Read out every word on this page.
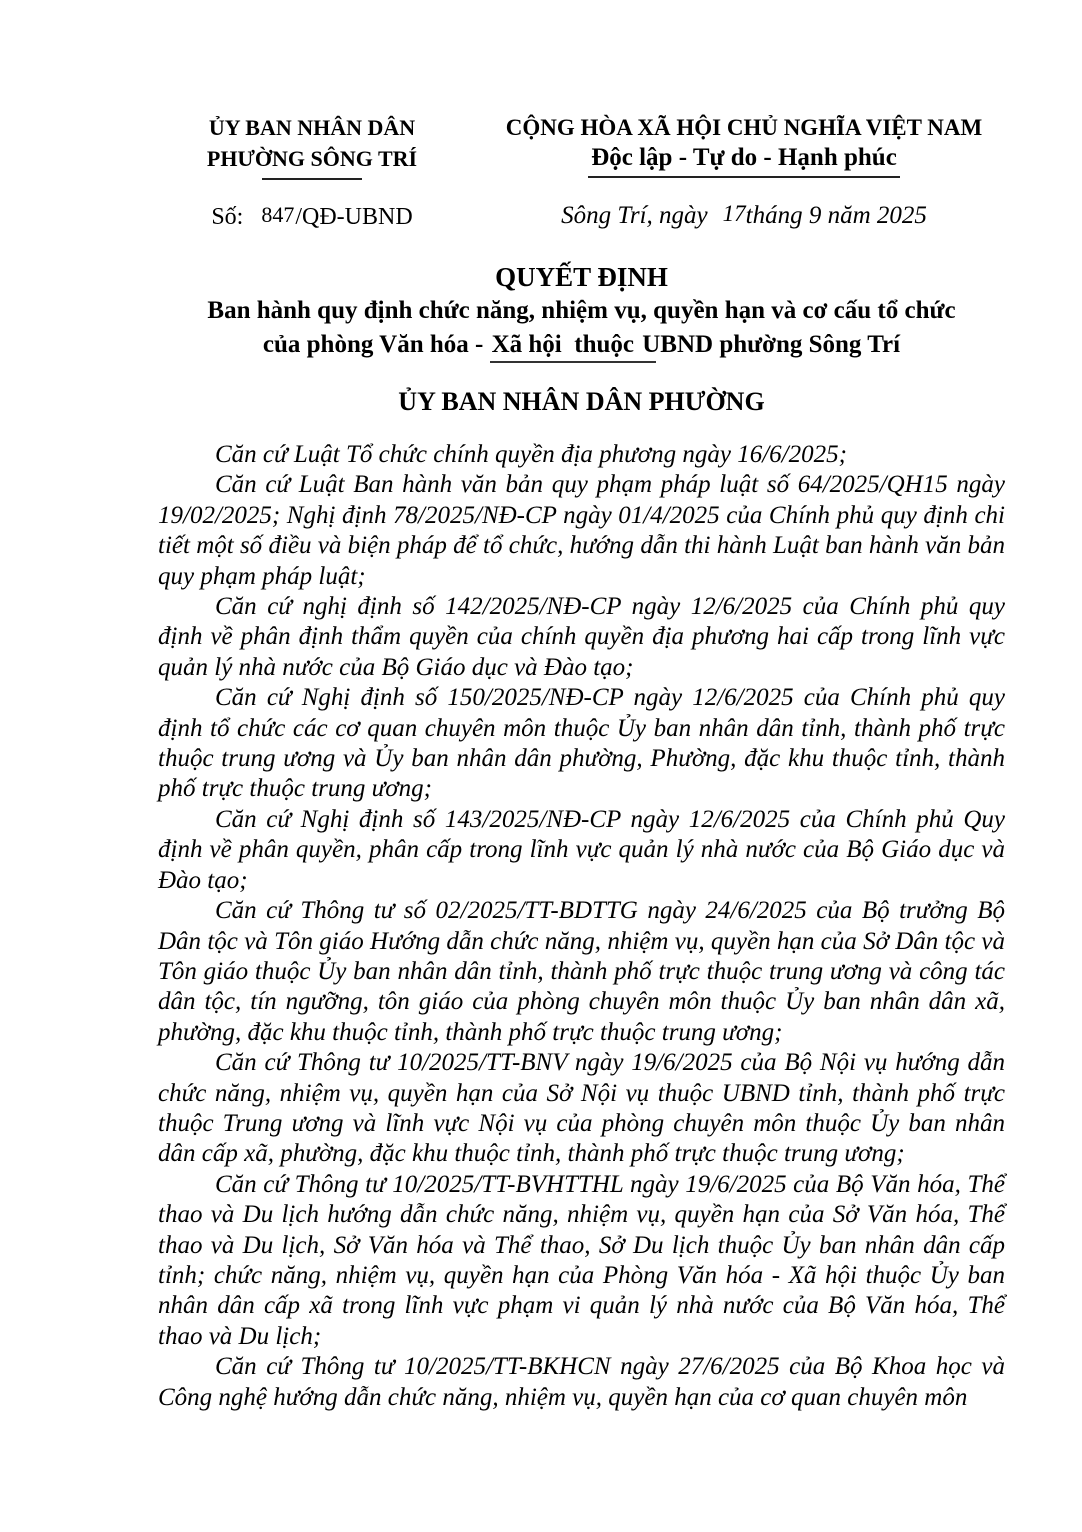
ỦY BAN NHÂN DÂN
PHƯỜNG SÔNG TRÍ
Số: 847/QĐ-UBND
CỘNG HÒA XÃ HỘI CHỦ NGHĨA VIỆT NAM
Độc lập - Tự do - Hạnh phúc
Sông Trí, ngày 17tháng 9 năm 2025
QUYẾT ĐỊNH
Ban hành quy định chức năng, nhiệm vụ, quyền hạn và cơ cấu tổ chức
của phòng Văn hóa - Xã hội  thuộc UBND phường Sông Trí
ỦY BAN NHÂN DÂN PHƯỜNG

Căn cứ Luật Tổ chức chính quyền địa phương ngày 16/6/2025;

Căn cứ Luật Ban hành văn bản quy phạm pháp luật số 64/2025/QH15 ngày 19/02/2025; Nghị định 78/2025/NĐ-CP ngày 01/4/2025 của Chính phủ quy định chi tiết một số điều và biện pháp để tổ chức, hướng dẫn thi hành Luật ban hành văn bản quy phạm pháp luật;

Căn cứ nghị định số 142/2025/NĐ-CP ngày 12/6/2025 của Chính phủ quy định về phân định thẩm quyền của chính quyền địa phương hai cấp trong lĩnh vực quản lý nhà nước của Bộ Giáo dục và Đào tạo;

Căn cứ Nghị định số 150/2025/NĐ-CP ngày 12/6/2025 của Chính phủ quy định tổ chức các cơ quan chuyên môn thuộc Ủy ban nhân dân tỉnh, thành phố trực thuộc trung ương và Ủy ban nhân dân phường, Phường, đặc khu thuộc tỉnh, thành phố trực thuộc trung ương;

Căn cứ Nghị định số 143/2025/NĐ-CP ngày 12/6/2025 của Chính phủ Quy định về phân quyền, phân cấp trong lĩnh vực quản lý nhà nước của Bộ Giáo dục và Đào tạo;

Căn cứ Thông tư số 02/2025/TT-BDTTG ngày 24/6/2025 của Bộ trưởng Bộ Dân tộc và Tôn giáo Hướng dẫn chức năng, nhiệm vụ, quyền hạn của Sở Dân tộc và Tôn giáo thuộc Ủy ban nhân dân tỉnh, thành phố trực thuộc trung ương và công tác dân tộc, tín ngưỡng, tôn giáo của phòng chuyên môn thuộc Ủy ban nhân dân xã, phường, đặc khu thuộc tỉnh, thành phố trực thuộc trung ương;

Căn cứ Thông tư 10/2025/TT-BNV ngày 19/6/2025 của Bộ Nội vụ hướng dẫn chức năng, nhiệm vụ, quyền hạn của Sở Nội vụ thuộc UBND tỉnh, thành phố trực thuộc Trung ương và lĩnh vực Nội vụ của phòng chuyên môn thuộc Ủy ban nhân dân cấp xã, phường, đặc khu thuộc tỉnh, thành phố trực thuộc trung ương;

Căn cứ Thông tư 10/2025/TT-BVHTTHL ngày 19/6/2025 của Bộ Văn hóa, Thể thao và Du lịch hướng dẫn chức năng, nhiệm vụ, quyền hạn của Sở Văn hóa, Thể thao và Du lịch, Sở Văn hóa và Thể thao, Sở Du lịch thuộc Ủy ban nhân dân cấp tỉnh; chức năng, nhiệm vụ, quyền hạn của Phòng Văn hóa - Xã hội thuộc Ủy ban nhân dân cấp xã trong lĩnh vực phạm vi quản lý nhà nước của Bộ Văn hóa, Thể thao và Du lịch;

Căn cứ Thông tư 10/2025/TT-BKHCN ngày 27/6/2025 của Bộ Khoa học và Công nghệ hướng dẫn chức năng, nhiệm vụ, quyền hạn của cơ quan chuyên môn
